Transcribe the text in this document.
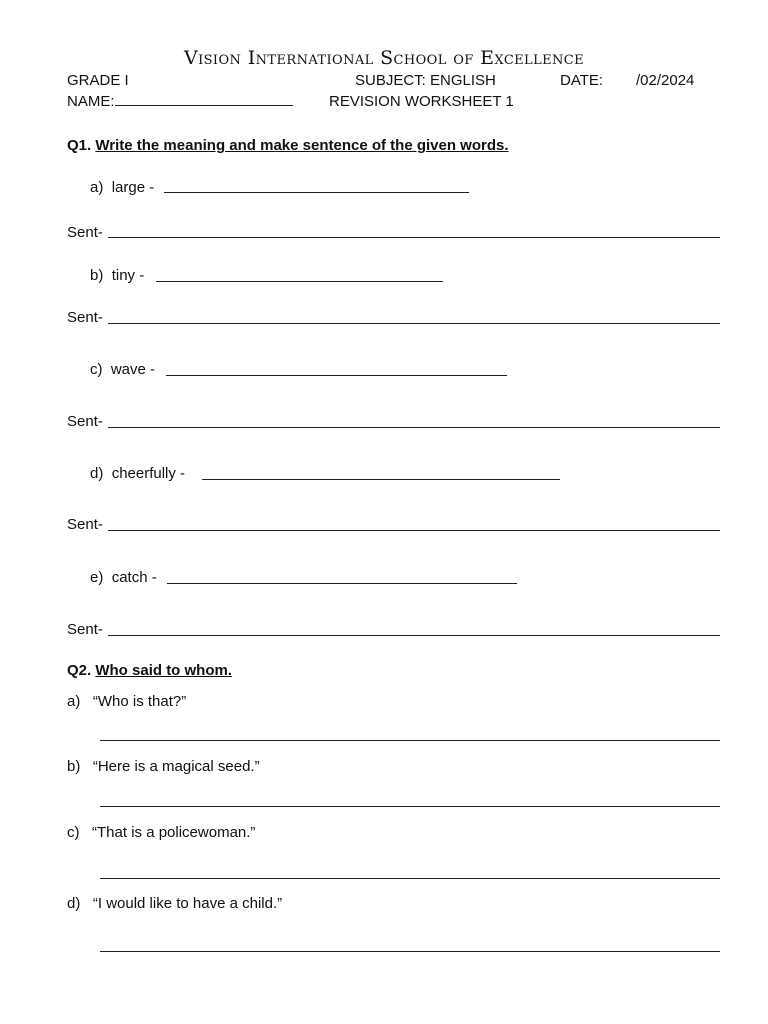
Vision International School of Excellence
GRADE I	SUBJECT: ENGLISH	DATE: /02/2024
NAME:	REVISION WORKSHEET 1
Q1. Write the meaning and make sentence of the given words.
a) large -
Sent-
b) tiny -
Sent-
c) wave -
Sent-
d) cheerfully -
Sent-
e) catch -
Sent-
Q2. Who said to whom.
a) “Who is that?”
b) “Here is a magical seed.”
c) “That is a policewoman.”
d) “I would like to have a child.”
